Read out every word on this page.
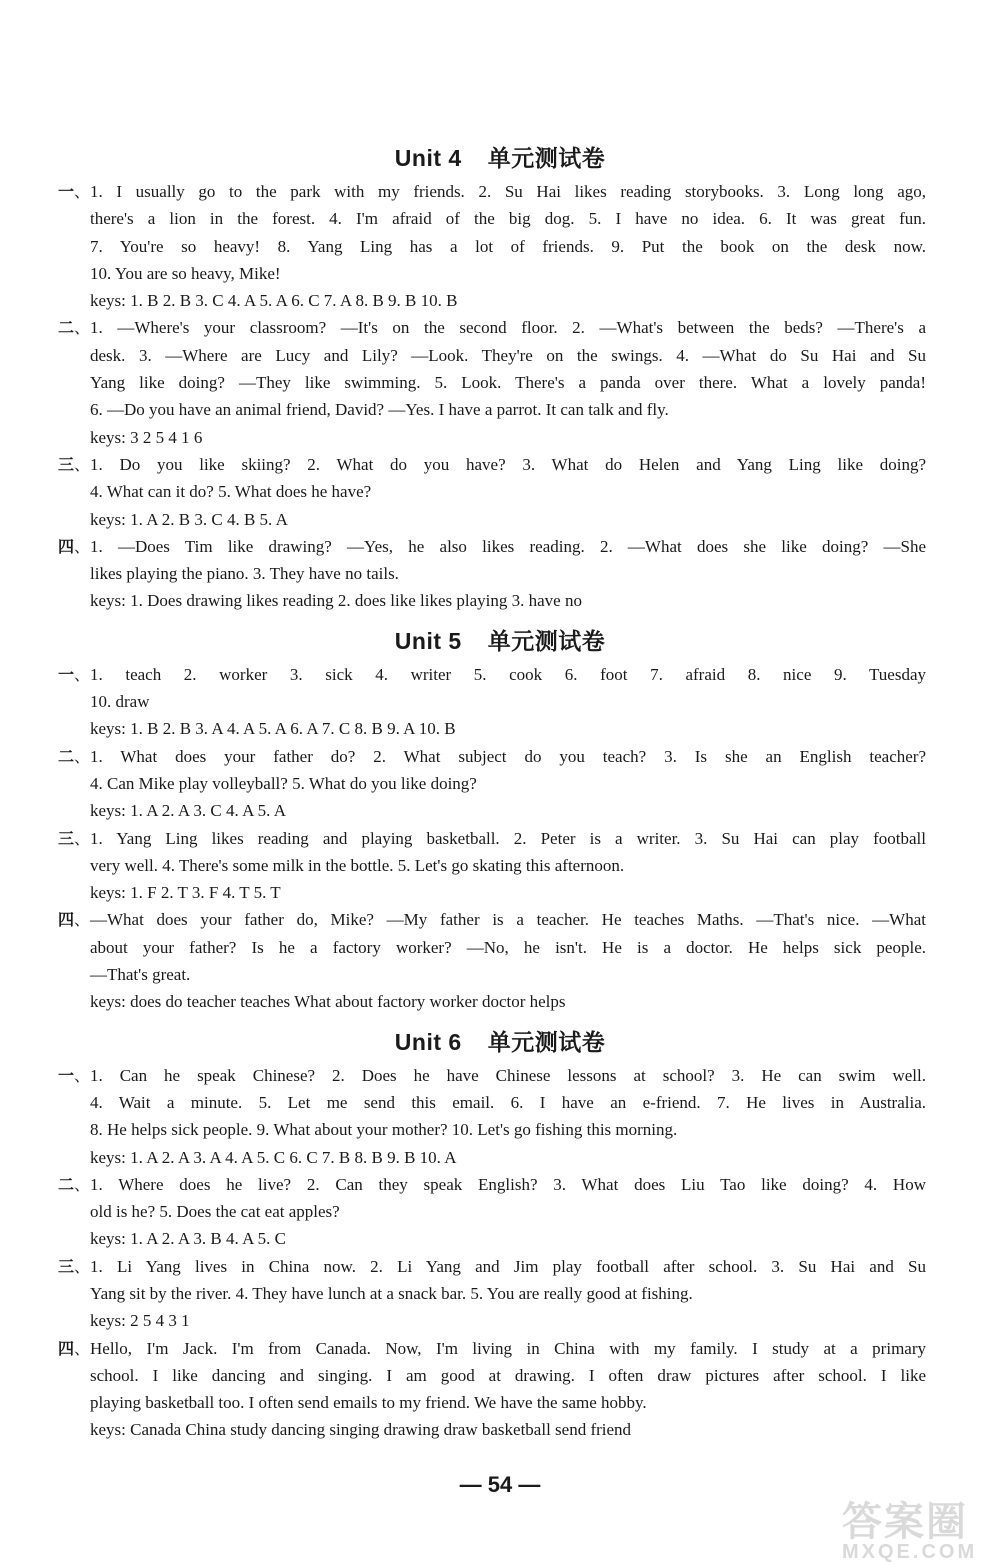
Unit 4 单元测试卷
一 、 1. I usually go to the park with my friends. 2. Su Hai likes reading storybooks. 3. Long long ago,
there's a lion in the forest. 4. I'm afraid of the big dog. 5. I have no idea. 6. It was great fun.
7. You're so heavy! 8. Yang Ling has a lot of friends. 9. Put the book on the desk now.
10. You are so heavy, Mike!
keys: 1. B 2. B 3. C 4. A 5. A 6. C 7. A 8. B 9. B 10. B
二 、 1. —Where's your classroom? —It's on the second floor. 2. —What's between the beds? —There's a
desk. 3. —Where are Lucy and Lily? —Look. They're on the swings. 4. —What do Su Hai and Su
Yang like doing? —They like swimming. 5. Look. There's a panda over there. What a lovely panda!
6. —Do you have an animal friend, David? —Yes. I have a parrot. It can talk and fly.
keys: 3 2 5 4 1 6
三 、 1. Do you like skiing? 2. What do you have? 3. What do Helen and Yang Ling like doing?
4. What can it do? 5. What does he have?
keys: 1. A 2. B 3. C 4. B 5. A
四 、 1. —Does Tim like drawing? —Yes, he also likes reading. 2. —What does she like doing? —She
likes playing the piano. 3. They have no tails.
keys: 1. Does drawing likes reading 2. does like likes playing 3. have no
Unit 5 单元测试卷
一 、 1. teach 2. worker 3. sick 4. writer 5. cook 6. foot 7. afraid 8. nice 9. Tuesday
10. draw
keys: 1. B 2. B 3. A 4. A 5. A 6. A 7. C 8. B 9. A 10. B
二 、 1. What does your father do? 2. What subject do you teach? 3. Is she an English teacher?
4. Can Mike play volleyball? 5. What do you like doing?
keys: 1. A 2. A 3. C 4. A 5. A
三 、 1. Yang Ling likes reading and playing basketball. 2. Peter is a writer. 3. Su Hai can play football
very well. 4. There's some milk in the bottle. 5. Let's go skating this afternoon.
keys: 1. F 2. T 3. F 4. T 5. T
四 、 —What does your father do, Mike? —My father is a teacher. He teaches Maths. —That's nice. —What
about your father? Is he a factory worker? —No, he isn't. He is a doctor. He helps sick people.
—That's great.
keys: does do teacher teaches What about factory worker doctor helps
Unit 6 单元测试卷
一 、 1. Can he speak Chinese? 2. Does he have Chinese lessons at school? 3. He can swim well.
4. Wait a minute. 5. Let me send this email. 6. I have an e-friend. 7. He lives in Australia.
8. He helps sick people. 9. What about your mother? 10. Let's go fishing this morning.
keys: 1. A 2. A 3. A 4. A 5. C 6. C 7. B 8. B 9. B 10. A
二 、 1. Where does he live? 2. Can they speak English? 3. What does Liu Tao like doing? 4. How
old is he? 5. Does the cat eat apples?
keys: 1. A 2. A 3. B 4. A 5. C
三 、 1. Li Yang lives in China now. 2. Li Yang and Jim play football after school. 3. Su Hai and Su
Yang sit by the river. 4. They have lunch at a snack bar. 5. You are really good at fishing.
keys: 2 5 4 3 1
四 、 Hello, I'm Jack. I'm from Canada. Now, I'm living in China with my family. I study at a primary
school. I like dancing and singing. I am good at drawing. I often draw pictures after school. I like
playing basketball too. I often send emails to my friend. We have the same hobby.
keys: Canada China study dancing singing drawing draw basketball send friend
— 54 —
答案圈
MXQE.COM
